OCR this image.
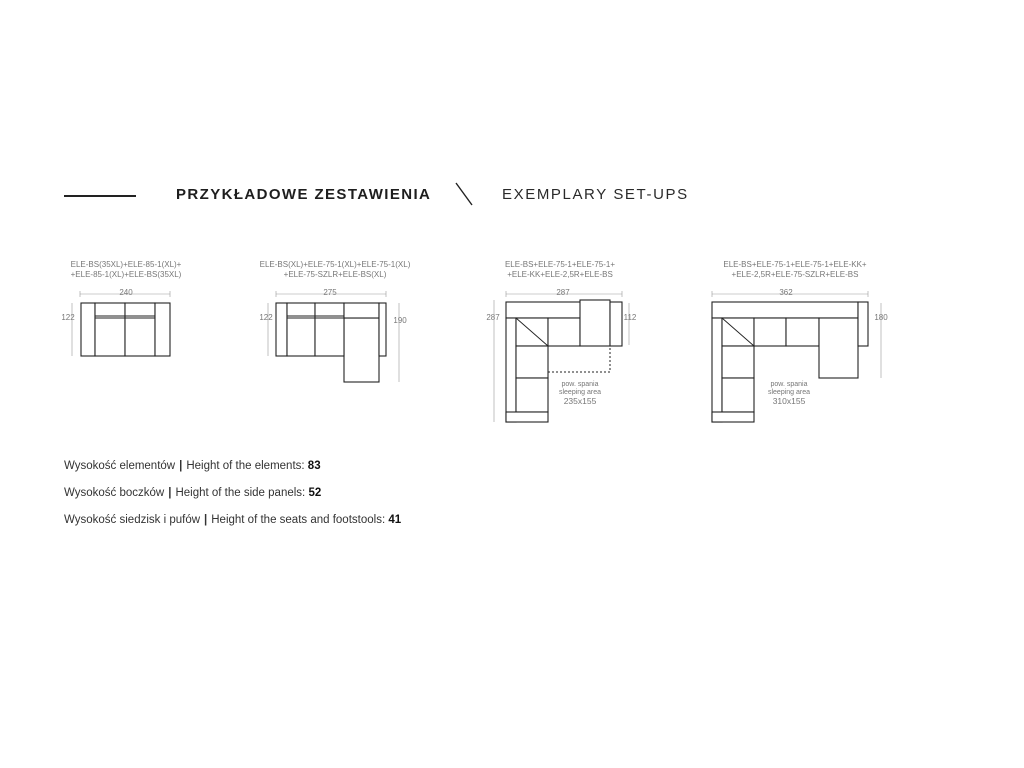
PRZYKŁADOWE ZESTAWIENIA	EXEMPLARY SET-UPS
ELE-BS(35XL)+ELE-85-1(XL)+
+ELE-85-1(XL)+ELE-BS(35XL)
240
122
ELE-BS(XL)+ELE-75-1(XL)+ELE-75-1(XL)
+ELE-75-SZLR+ELE-BS(XL)
275
122	190
ELE-BS+ELE-75-1+ELE-75-1+
+ELE-KK+ELE-2,5R+ELE-BS
287
287	112
pow. spania
sleeping area
235x155
ELE-BS+ELE-75-1+ELE-75-1+ELE-KK+
+ELE-2,5R+ELE-75-SZLR+ELE-BS
362
180
pow. spania
sleeping area
310x155
Wysokość elementów | Height of the elements: 83
Wysokość boczków | Height of the side panels: 52
Wysokość siedzisk i pufów | Height of the seats and footstools: 41
